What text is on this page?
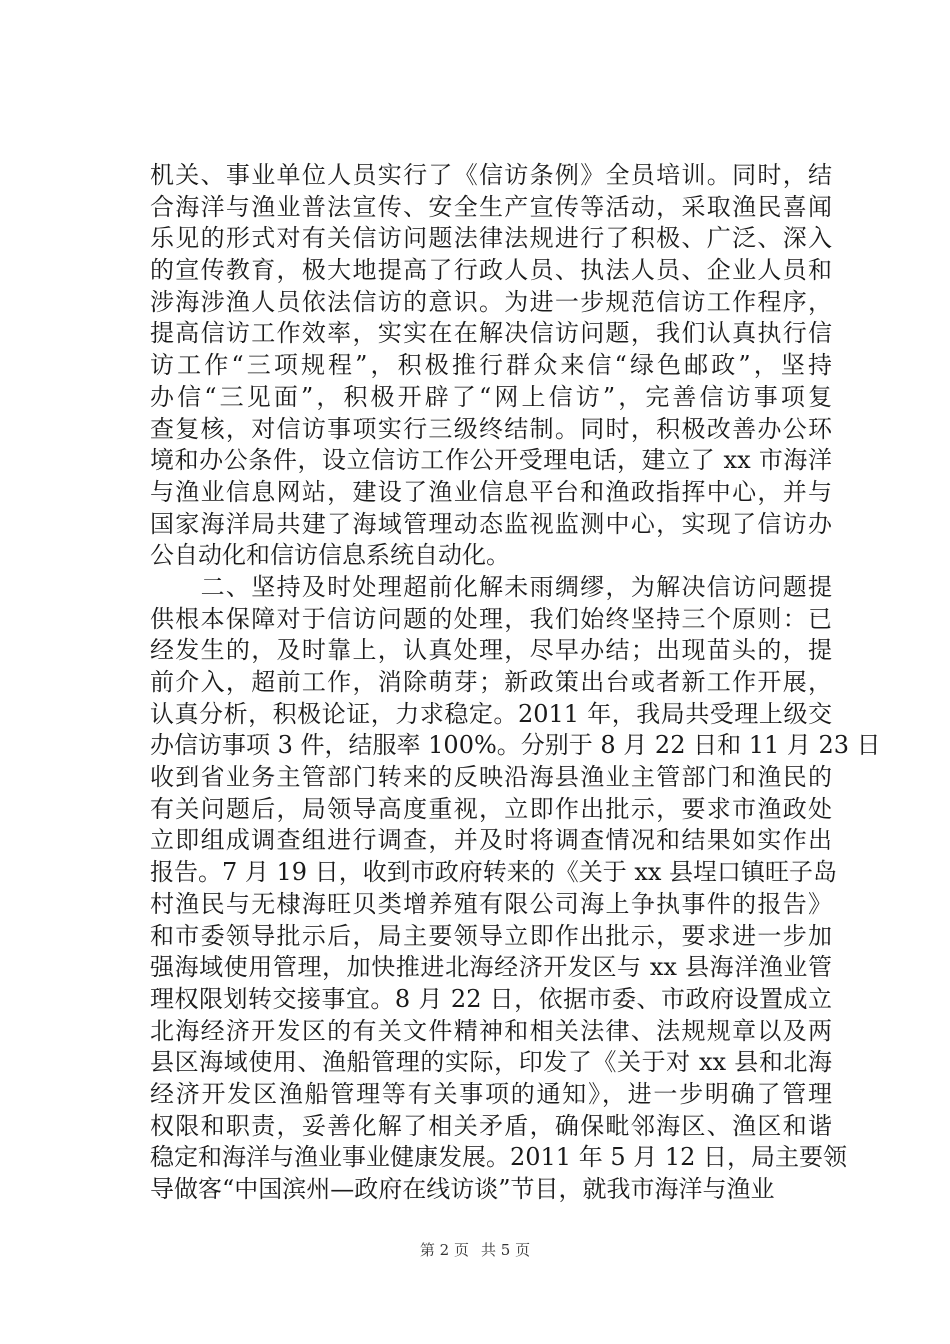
机关、事业单位人员实行了《信访条例》全员培训。同时，结
合海洋与渔业普法宣传、安全生产宣传等活动，采取渔民喜闻
乐见的形式对有关信访问题法律法规进行了积极、广泛、深入
的宣传教育，极大地提高了行政人员、执法人员、企业人员和
涉海涉渔人员依法信访的意识。为进一步规范信访工作程序，
提高信访工作效率，实实在在解决信访问题，我们认真执行信
访工作“三项规程”，积极推行群众来信“绿色邮政”，坚持
办信“三见面”，积极开辟了“网上信访”，完善信访事项复
查复核，对信访事项实行三级终结制。同时，积极改善办公环
境和办公条件，设立信访工作公开受理电话，建立了 xx 市海洋
与渔业信息网站，建设了渔业信息平台和渔政指挥中心，并与
国家海洋局共建了海域管理动态监视监测中心，实现了信访办
公自动化和信访信息系统自动化。
　　二、坚持及时处理超前化解未雨绸缪，为解决信访问题提
供根本保障对于信访问题的处理，我们始终坚持三个原则：已
经发生的，及时靠上，认真处理，尽早办结；出现苗头的，提
前介入，超前工作，消除萌芽；新政策出台或者新工作开展，
认真分析，积极论证，力求稳定。2011 年，我局共受理上级交
办信访事项 3 件，结服率 100%。分别于 8 月 22 日和 11 月 23 日
收到省业务主管部门转来的反映沿海县渔业主管部门和渔民的
有关问题后，局领导高度重视，立即作出批示，要求市渔政处
立即组成调查组进行调查，并及时将调查情况和结果如实作出
报告。7 月 19 日，收到市政府转来的《关于 xx 县埕口镇旺子岛
村渔民与无棣海旺贝类增养殖有限公司海上争执事件的报告》
和市委领导批示后，局主要领导立即作出批示，要求进一步加
强海域使用管理，加快推进北海经济开发区与 xx 县海洋渔业管
理权限划转交接事宜。8 月 22 日，依据市委、市政府设置成立
北海经济开发区的有关文件精神和相关法律、法规规章以及两
县区海域使用、渔船管理的实际，印发了《关于对 xx 县和北海
经济开发区渔船管理等有关事项的通知》，进一步明确了管理
权限和职责，妥善化解了相关矛盾，确保毗邻海区、渔区和谐
稳定和海洋与渔业事业健康发展。2011 年 5 月 12 日，局主要领
导做客“中国滨州—政府在线访谈”节目，就我市海洋与渔业
第 2 页 共 5 页
